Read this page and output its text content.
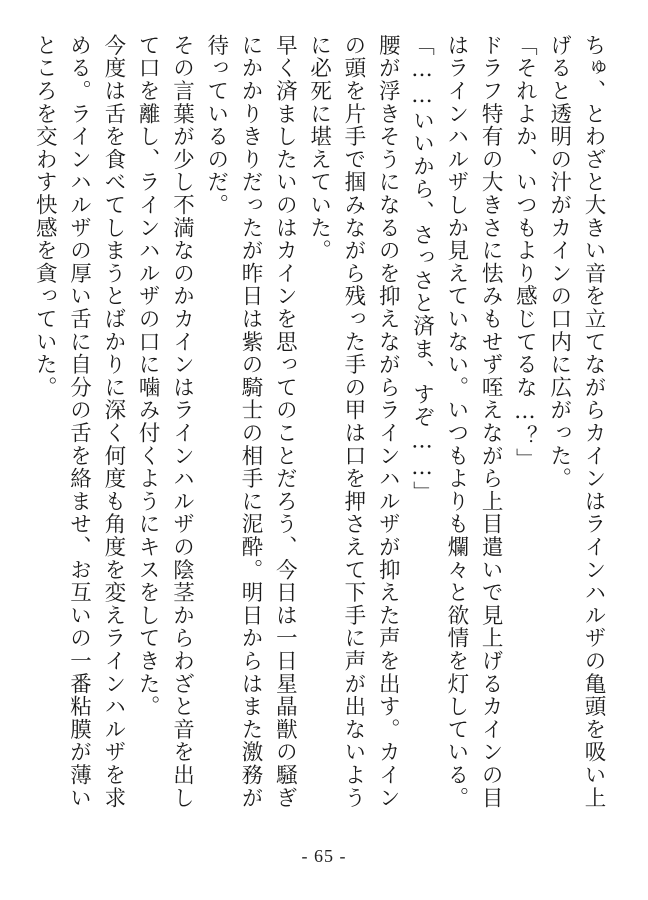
ちゅ、とわざと大きい音を立てながらカインはラインハルザの亀頭を吸い上げると透明の汁がカインの口内に広がった。

「それよか、いつもより感じてるな…？」

ドラフ特有の大きさに怯みもせず咥えながら上目遣いで見上げるカインの目はラインハルザしか見えていない。いつもよりも爛々と欲情を灯している。

「……いいから、さっさと済ま、すぞ……」

腰が浮きそうになるのを抑えながらラインハルザが抑えた声を出す。カインの頭を片手で掴みながら残った手の甲は口を押さえて下手に声が出ないように必死に堪えていた。

早く済ましたいのはカインを思ってのことだろう、今日は一日星晶獣の騒ぎにかかりきりだったが昨日は紫の騎士の相手に泥酔。明日からはまた激務が待っているのだ。

その言葉が少し不満なのかカインはラインハルザの陰茎からわざと音を出して口を離し、ラインハルザの口に噛み付くようにキスをしてきた。

今度は舌を食べてしまうとばかりに深く何度も角度を変えラインハルザを求める。ラインハルザの厚い舌に自分の舌を絡ませ、お互いの一番粘膜が薄いところを交わす快感を貪っていた。

- 65 -
